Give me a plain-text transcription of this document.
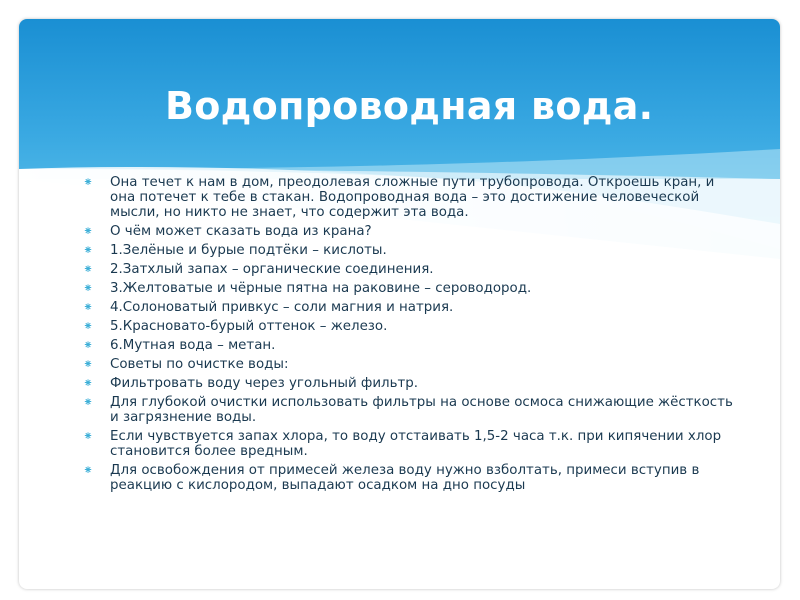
Водопроводная вода.
⁕ Она течет к нам в дом, преодолевая сложные пути трубопровода. Откроешь кран, и она потечет к тебе в стакан. Водопроводная вода – это достижение человеческой мысли, но никто не знает, что содержит эта вода.
⁕ О чём может сказать вода из крана?
⁕ 1.Зелёные и бурые подтёки – кислоты.
⁕ 2.Затхлый запах – органические соединения.
⁕ 3.Желтоватые и чёрные пятна на раковине – сероводород.
⁕ 4.Солоноватый привкус – соли магния и натрия.
⁕ 5.Красновато-бурый оттенок – железо.
⁕ 6.Мутная вода – метан.
⁕ Советы по очистке воды:
⁕ Фильтровать воду через угольный фильтр.
⁕ Для глубокой очистки использовать фильтры на основе осмоса снижающие жёсткость и загрязнение воды.
⁕ Если чувствуется запах хлора, то воду отстаивать 1,5-2 часа т.к. при кипячении хлор становится более вредным.
⁕ Для освобождения от примесей железа воду нужно взболтать, примеси вступив в реакцию с кислородом, выпадают осадком на дно посуды
